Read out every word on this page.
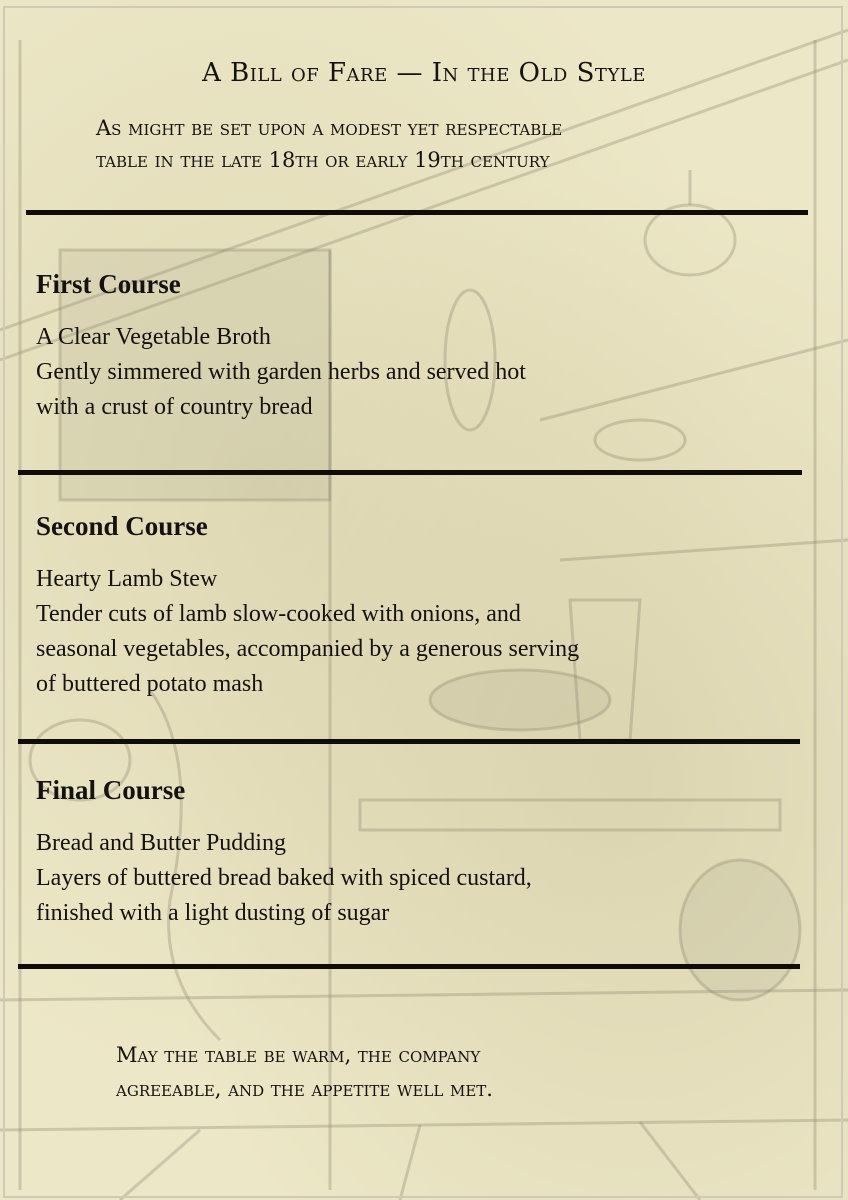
A Bill of Fare — In the Old Style
As might be set upon a modest yet respectable
table in the late 18th or early 19th century
First Course
A Clear Vegetable Broth
Gently simmered with garden herbs and served hot
with a crust of country bread
Second Course
Hearty Lamb Stew
Tender cuts of lamb slow-cooked with onions, and
seasonal vegetables, accompanied by a generous serving
of buttered potato mash
Final Course
Bread and Butter Pudding
Layers of buttered bread baked with spiced custard,
finished with a light dusting of sugar
May the table be warm, the company
agreeable, and the appetite well met.
